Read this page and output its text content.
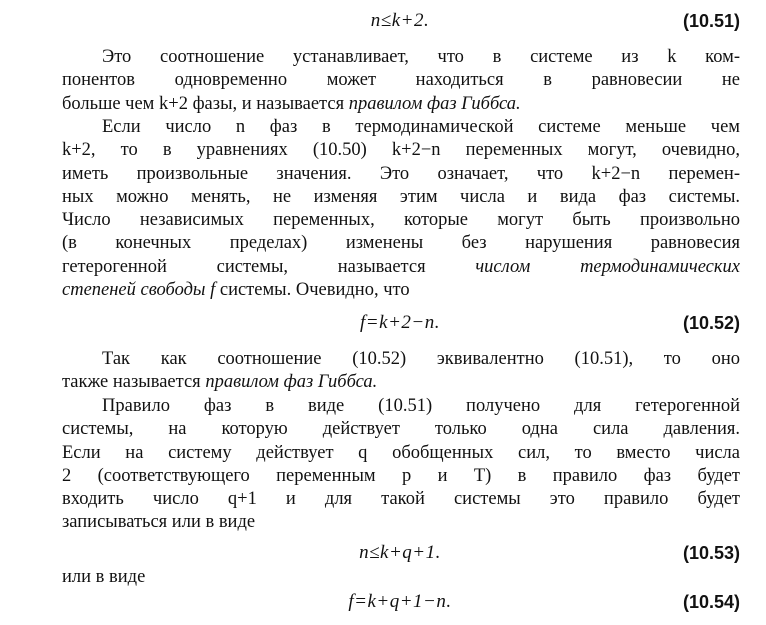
n≤k+2.	(10.51)
Это соотношение устанавливает, что в системе из k ком-
понентов одновременно может находиться в равновесии не
больше чем k+2 фазы, и называется правилом фаз Гиббса.
Если число n фаз в термодинамической системе меньше чем
k+2, то в уравнениях (10.50) k+2−n переменных могут, очевидно,
иметь произвольные значения. Это означает, что k+2−n перемен-
ных можно менять, не изменяя этим числа и вида фаз системы.
Число независимых переменных, которые могут быть произвольно
(в конечных пределах) изменены без нарушения равновесия
гетерогенной системы, называется числом термодинамических
степеней свободы f системы. Очевидно, что
f=k+2−n.	(10.52)
Так как соотношение (10.52) эквивалентно (10.51), то оно
также называется правилом фаз Гиббса.
Правило фаз в виде (10.51) получено для гетерогенной
системы, на которую действует только одна сила давления.
Если на систему действует q обобщенных сил, то вместо числа
2 (соответствующего переменным p и T) в правило фаз будет
входить число q+1 и для такой системы это правило будет
записываться или в виде
n≤k+q+1.	(10.53)
или в виде
f=k+q+1−n.	(10.54)
